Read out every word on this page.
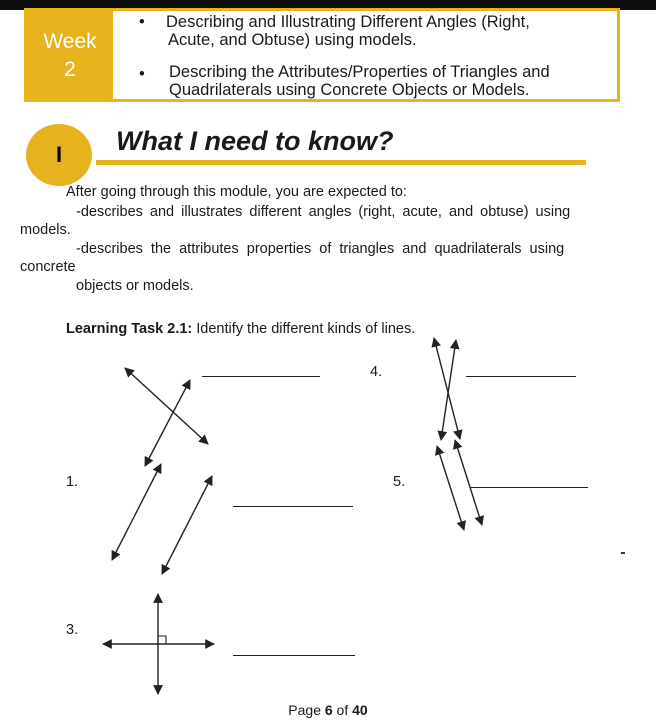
Week
2
• Describing and Illustrating Different Angles (Right,
Acute, and Obtuse) using models.
• Describing the Attributes/Properties of Triangles and
Quadrilaterals using Concrete Objects or Models.
I	What I need to know?
After going through this module, you are expected to:
-describes and illustrates different angles (right, acute, and obtuse) using
models.
-describes the attributes properties of triangles and quadrilaterals using
concrete
objects or models.
Learning Task 2.1: Identify the different kinds of lines.
1.
3.
4.
5.
Page 6 of 40
